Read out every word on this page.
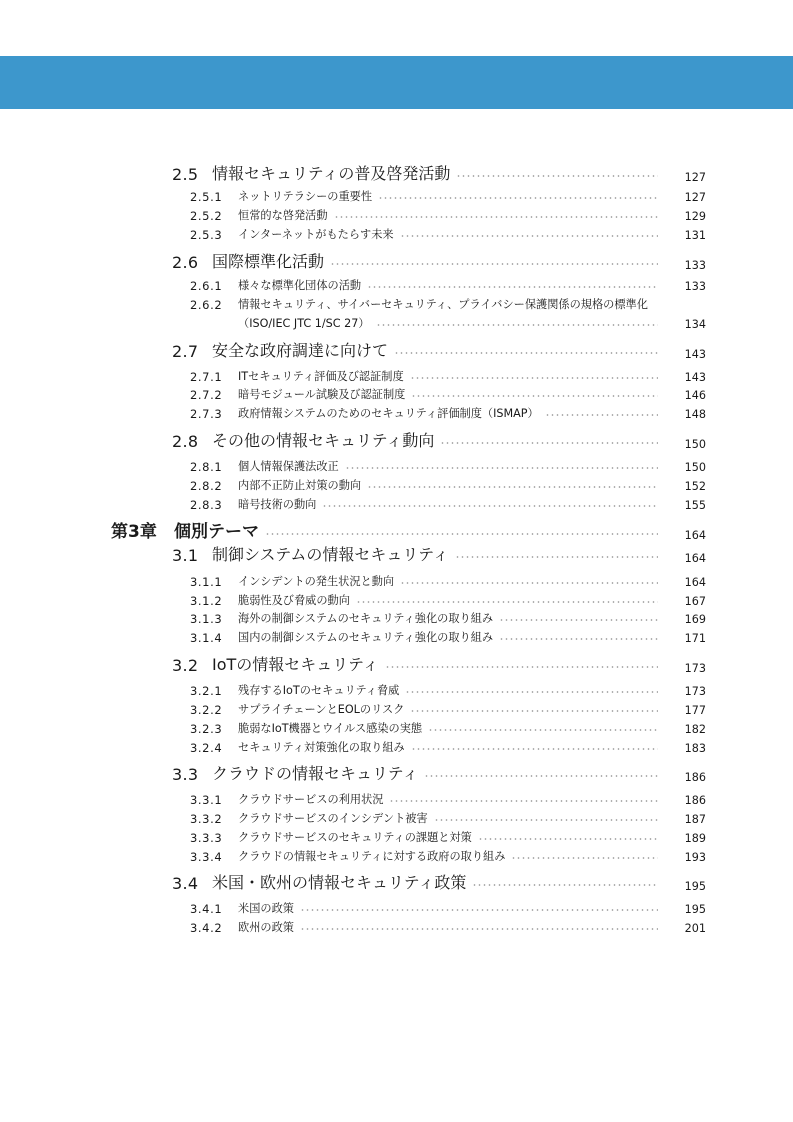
2.5 情報セキュリティの普及啓発活動	127
2.5.1	ネットリテラシーの重要性	127
2.5.2	恒常的な啓発活動	129
2.5.3	インターネットがもたらす未来	131
2.6 国際標準化活動	133
2.6.1	様々な標準化団体の活動	133
2.6.2	情報セキュリティ、サイバーセキュリティ、プライバシー保護関係の規格の標準化
（ISO/IEC JTC 1/SC 27）	134
2.7 安全な政府調達に向けて	143
2.7.1	ITセキュリティ評価及び認証制度	143
2.7.2	暗号モジュール試験及び認証制度	146
2.7.3	政府情報システムのためのセキュリティ評価制度（ISMAP）	148
2.8 その他の情報セキュリティ動向	150
2.8.1	個人情報保護法改正	150
2.8.2	内部不正防止対策の動向	152
2.8.3	暗号技術の動向	155
第3章	個別テーマ	164
3.1 制御システムの情報セキュリティ	164
3.1.1	インシデントの発生状況と動向	164
3.1.2	脆弱性及び脅威の動向	167
3.1.3	海外の制御システムのセキュリティ強化の取り組み	169
3.1.4	国内の制御システムのセキュリティ強化の取り組み	171
3.2 IoTの情報セキュリティ	173
3.2.1	残存するIoTのセキュリティ脅威	173
3.2.2	サプライチェーンとEOLのリスク	177
3.2.3	脆弱なIoT機器とウイルス感染の実態	182
3.2.4	セキュリティ対策強化の取り組み	183
3.3 クラウドの情報セキュリティ	186
3.3.1	クラウドサービスの利用状況	186
3.3.2	クラウドサービスのインシデント被害	187
3.3.3	クラウドサービスのセキュリティの課題と対策	189
3.3.4	クラウドの情報セキュリティに対する政府の取り組み	193
3.4 米国・欧州の情報セキュリティ政策	195
3.4.1	米国の政策	195
3.4.2	欧州の政策	201
